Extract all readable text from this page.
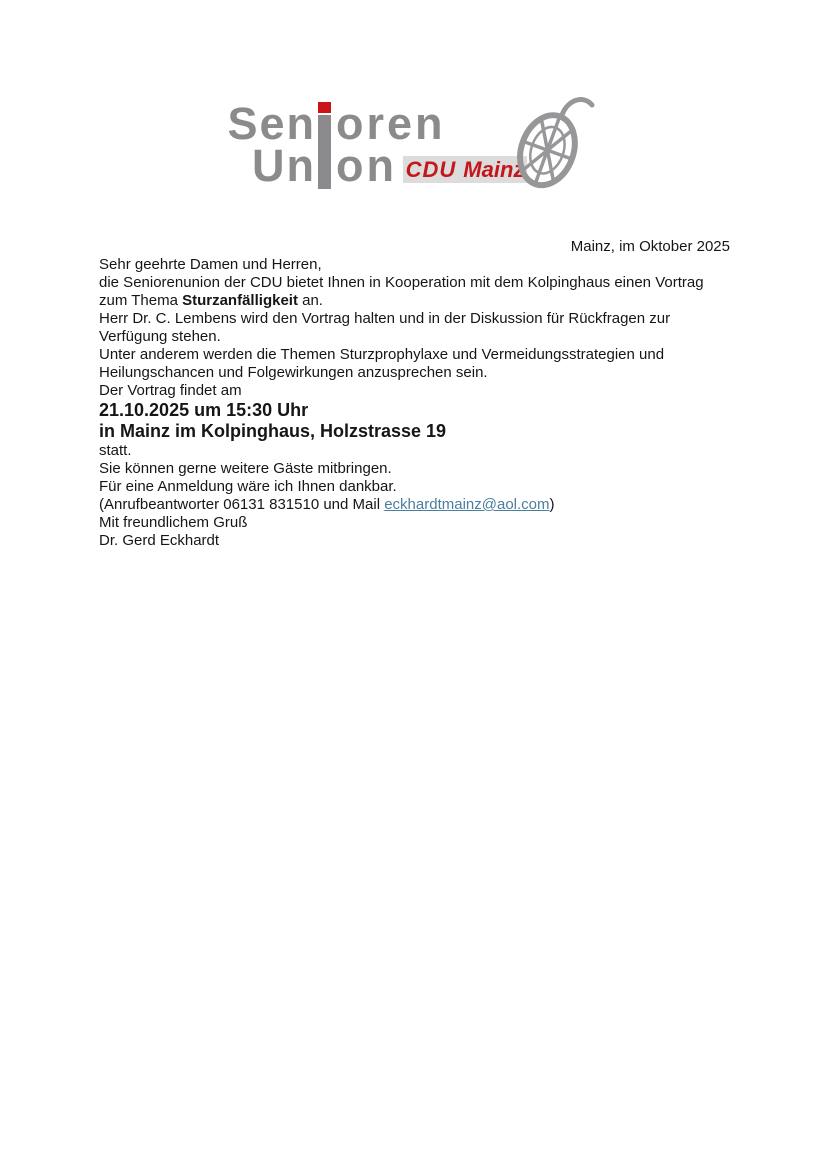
Sen oren
Un on CDU Mainz

Mainz, im Oktober 2025

Sehr geehrte Damen und Herren,

die Seniorenunion der CDU bietet Ihnen in Kooperation mit dem Kolpinghaus einen Vortrag zum Thema Sturzanfälligkeit an.

Herr Dr. C. Lembens wird den Vortrag halten und in der Diskussion für Rückfragen zur Verfügung stehen.

Unter anderem werden die Themen Sturzprophylaxe und Vermeidungsstrategien und Heilungschancen und Folgewirkungen anzusprechen sein.

Der Vortrag findet am

21.10.2025 um 15:30 Uhr

in Mainz im Kolpinghaus, Holzstrasse 19

statt.

Sie können gerne weitere Gäste mitbringen.

Für eine Anmeldung wäre ich Ihnen dankbar.

(Anrufbeantworter 06131 831510 und Mail eckhardtmainz@aol.com)

Mit freundlichem Gruß

Dr. Gerd Eckhardt
